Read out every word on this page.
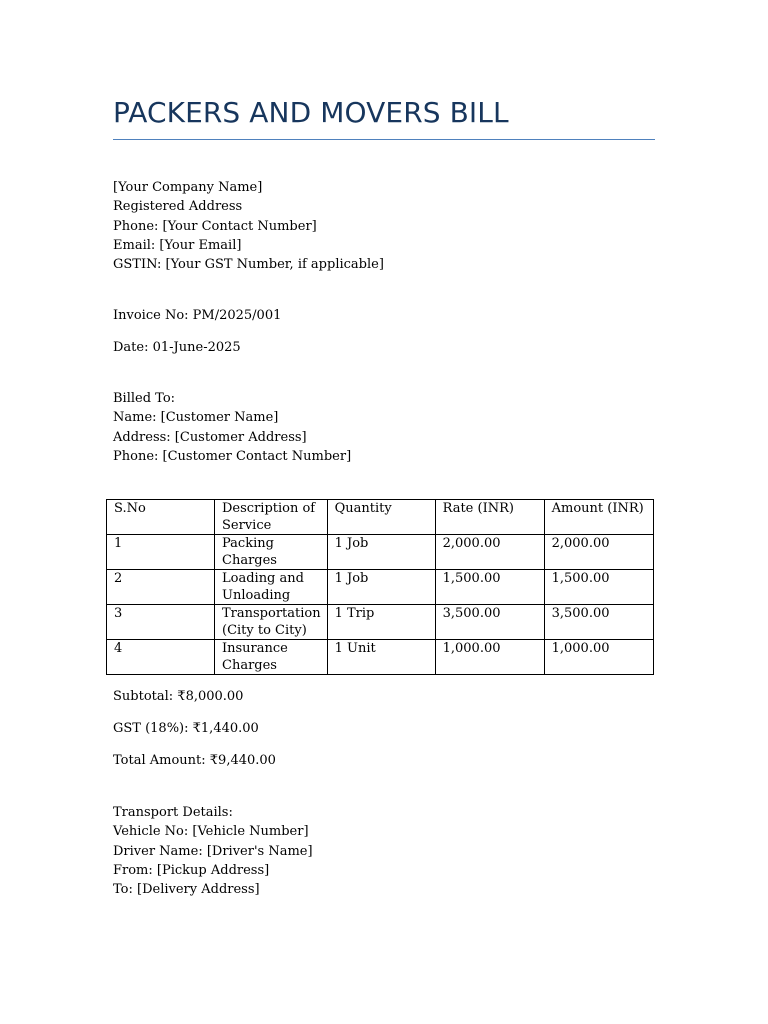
PACKERS AND MOVERS BILL
[Your Company Name]
Registered Address
Phone: [Your Contact Number]
Email: [Your Email]
GSTIN: [Your GST Number, if applicable]
Invoice No: PM/2025/001
Date: 01-June-2025
Billed To:
Name: [Customer Name]
Address: [Customer Address]
Phone: [Customer Contact Number]
S.No	Description of Service	Quantity	Rate (INR)	Amount (INR)
1	Packing Charges	1 Job	2,000.00	2,000.00
2	Loading and Unloading	1 Job	1,500.00	1,500.00
3	Transportation (City to City)	1 Trip	3,500.00	3,500.00
4	Insurance Charges	1 Unit	1,000.00	1,000.00
Subtotal: ₹8,000.00
GST (18%): ₹1,440.00
Total Amount: ₹9,440.00
Transport Details:
Vehicle No: [Vehicle Number]
Driver Name: [Driver's Name]
From: [Pickup Address]
To: [Delivery Address]
